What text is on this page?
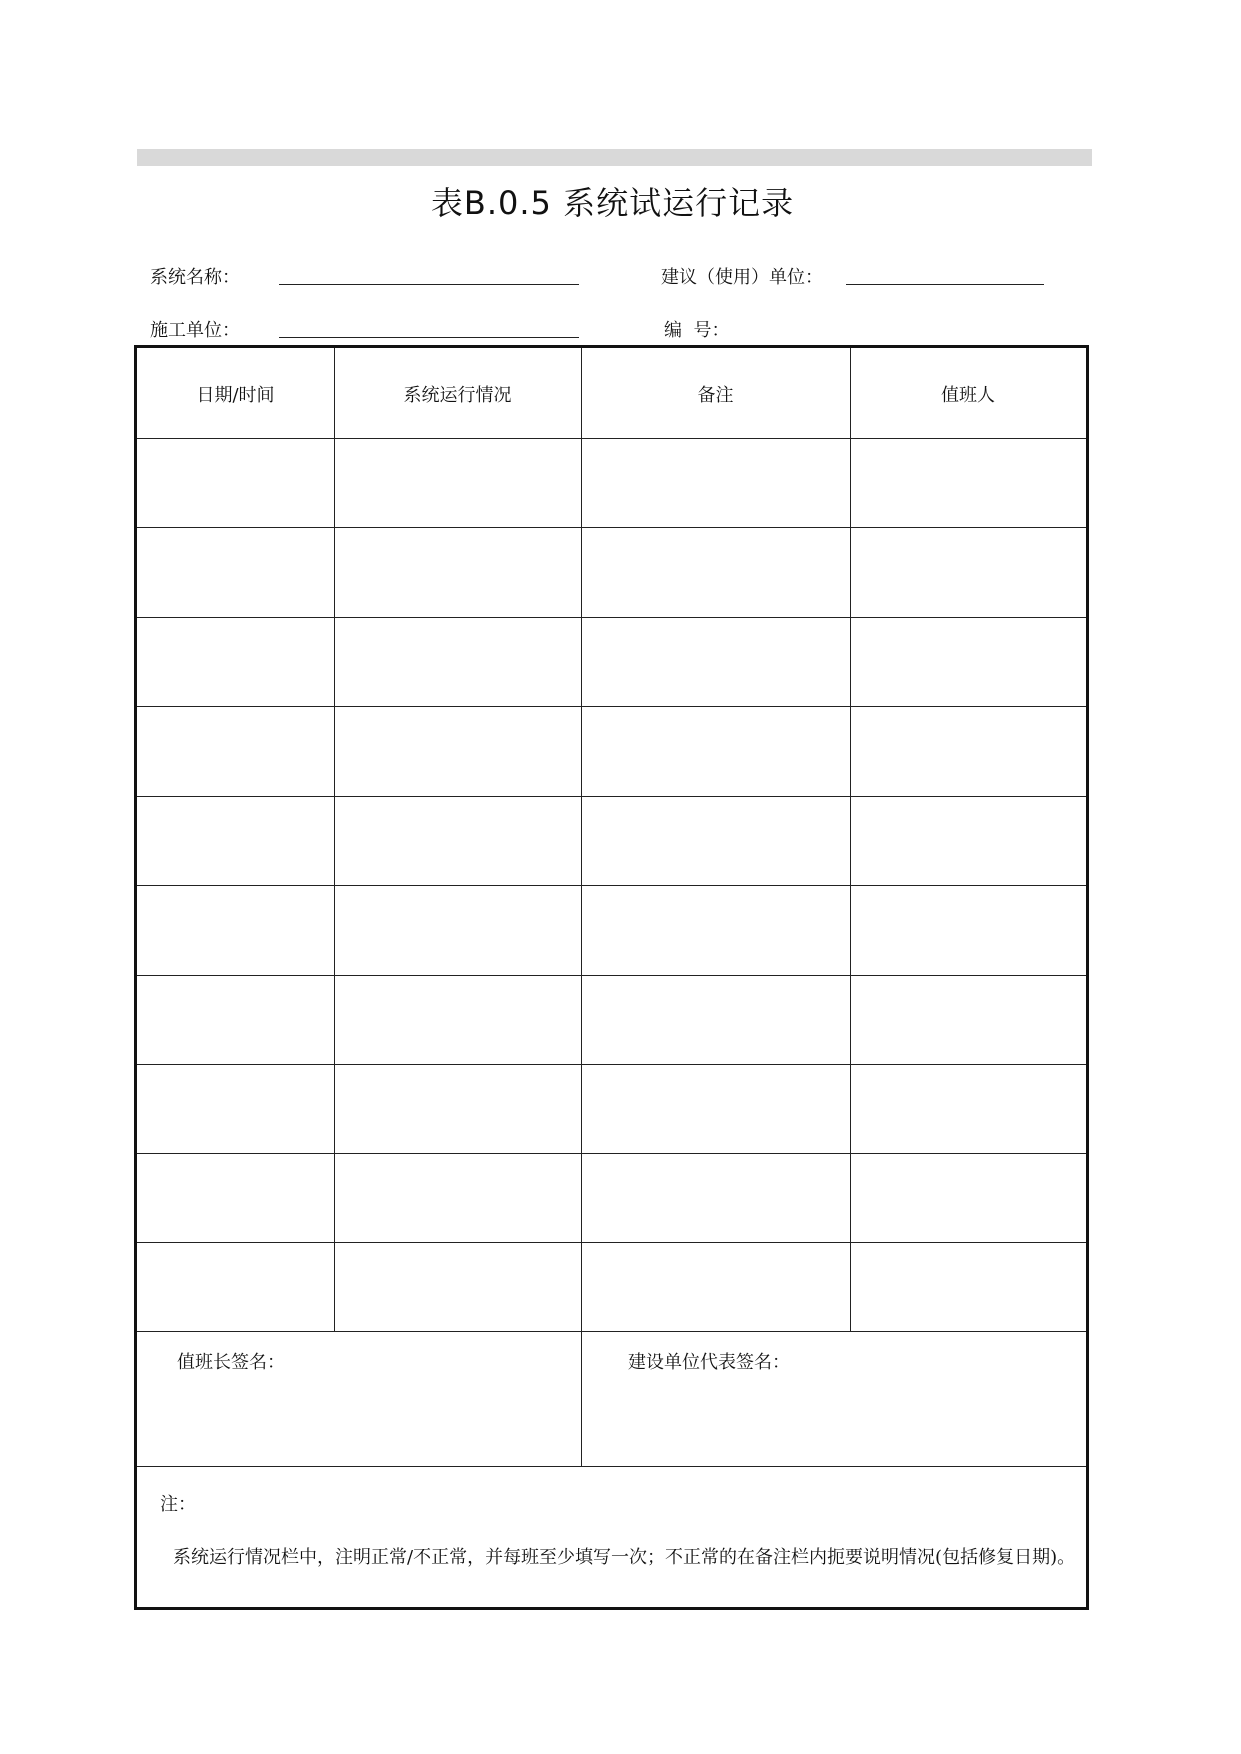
表B.0.5 系统试运行记录
系统名称：	建议（使用）单位：
施工单位：	编  号：
日期/时间	系统运行情况	备注	值班人
值班长签名：	建设单位代表签名：
注：
系统运行情况栏中，注明正常/不正常，并每班至少填写一次；不正常的在备注栏内扼要说明情况(包括修复日期)。
